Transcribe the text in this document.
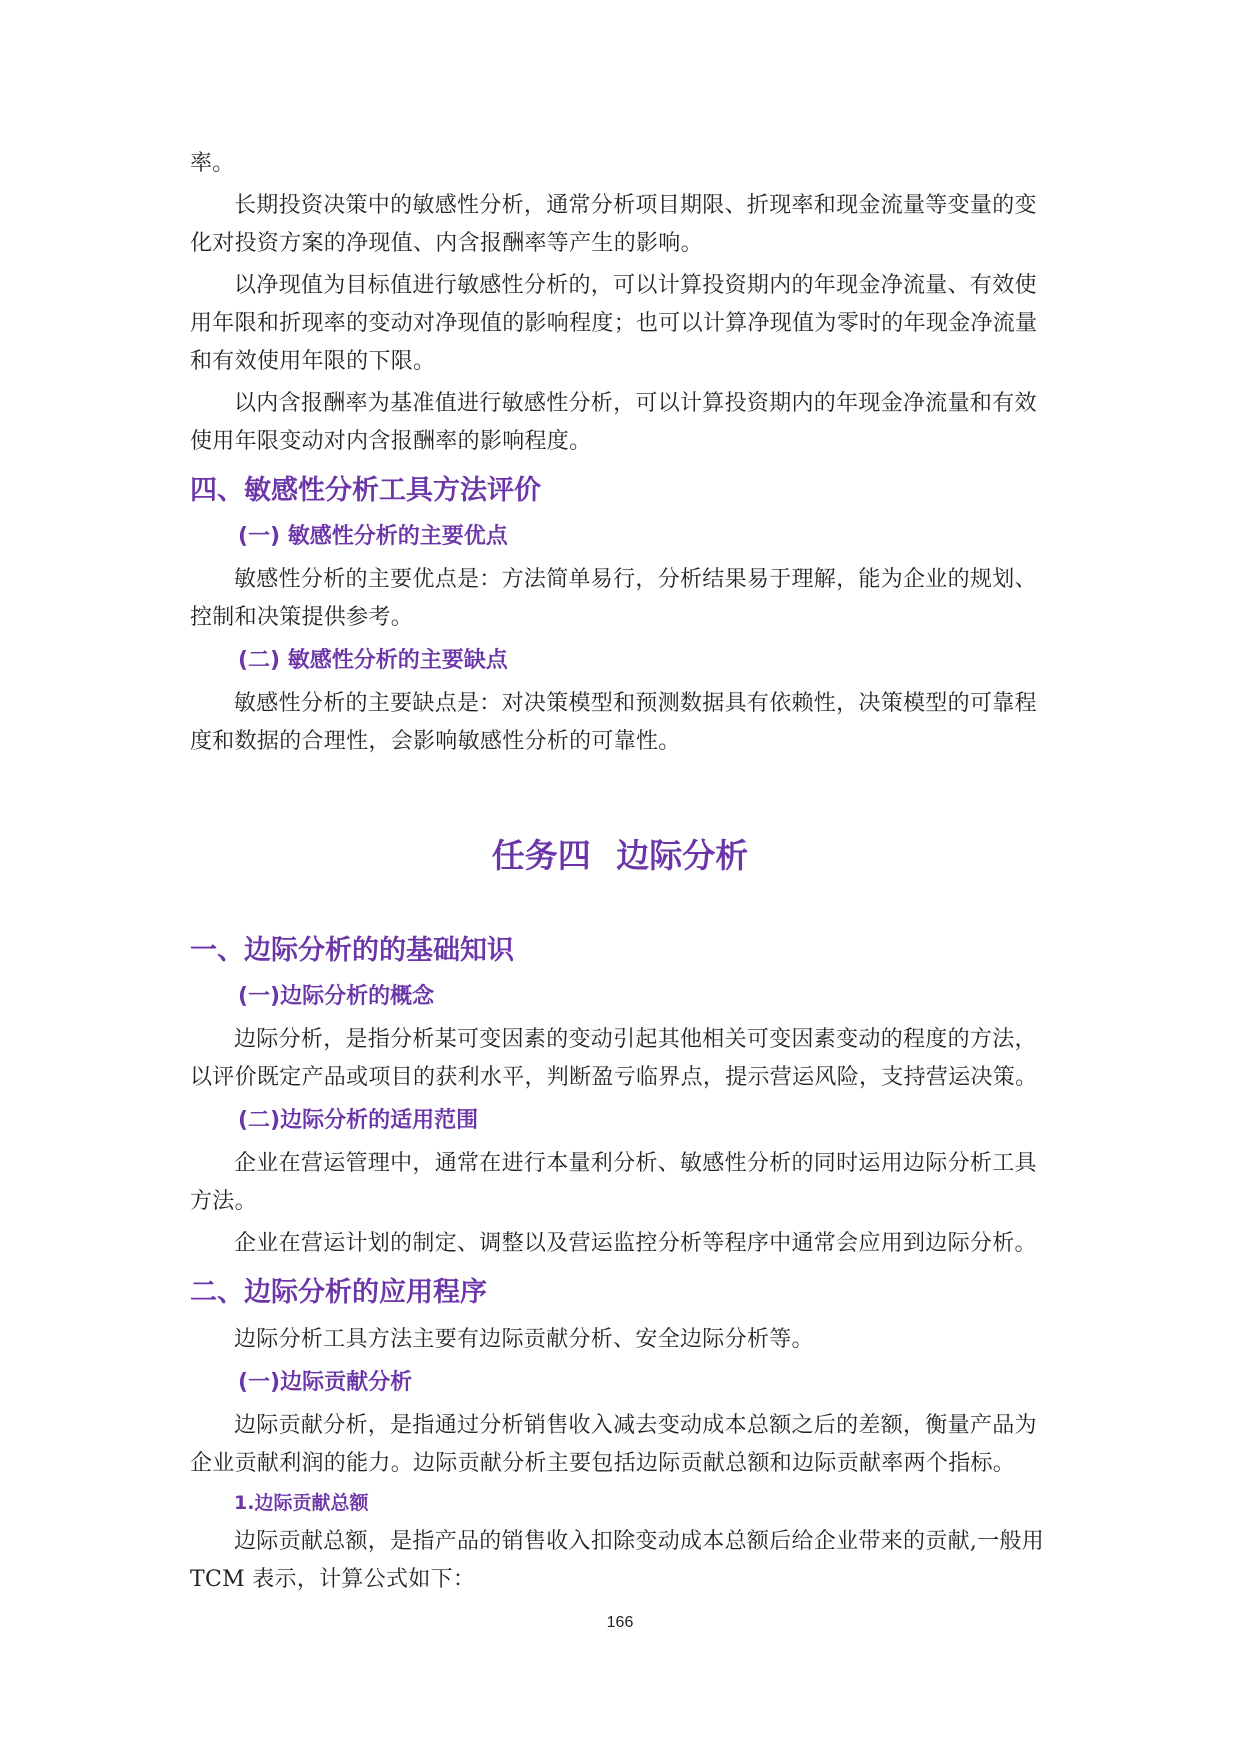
率。

长期投资决策中的敏感性分析，通常分析项目期限、折现率和现金流量等变量的变化对投资方案的净现值、内含报酬率等产生的影响。

以净现值为目标值进行敏感性分析的，可以计算投资期内的年现金净流量、有效使用年限和折现率的变动对净现值的影响程度；也可以计算净现值为零时的年现金净流量和有效使用年限的下限。

以内含报酬率为基准值进行敏感性分析，可以计算投资期内的年现金净流量和有效使用年限变动对内含报酬率的影响程度。

四、敏感性分析工具方法评价
(一) 敏感性分析的主要优点

敏感性分析的主要优点是：方法简单易行，分析结果易于理解，能为企业的规划、控制和决策提供参考。

(二) 敏感性分析的主要缺点

敏感性分析的主要缺点是：对决策模型和预测数据具有依赖性，决策模型的可靠程度和数据的合理性，会影响敏感性分析的可靠性。

任务四 边际分析
一、边际分析的的基础知识
(一)边际分析的概念

边际分析，是指分析某可变因素的变动引起其他相关可变因素变动的程度的方法，以评价既定产品或项目的获利水平，判断盈亏临界点，提示营运风险，支持营运决策。

(二)边际分析的适用范围

企业在营运管理中，通常在进行本量利分析、敏感性分析的同时运用边际分析工具方法。

企业在营运计划的制定、调整以及营运监控分析等程序中通常会应用到边际分析。

二、边际分析的应用程序

边际分析工具方法主要有边际贡献分析、安全边际分析等。

(一)边际贡献分析

边际贡献分析，是指通过分析销售收入减去变动成本总额之后的差额，衡量产品为企业贡献利润的能力。边际贡献分析主要包括边际贡献总额和边际贡献率两个指标。

1.边际贡献总额

边际贡献总额，是指产品的销售收入扣除变动成本总额后给企业带来的贡献,一般用TCM 表示，计算公式如下：

166
